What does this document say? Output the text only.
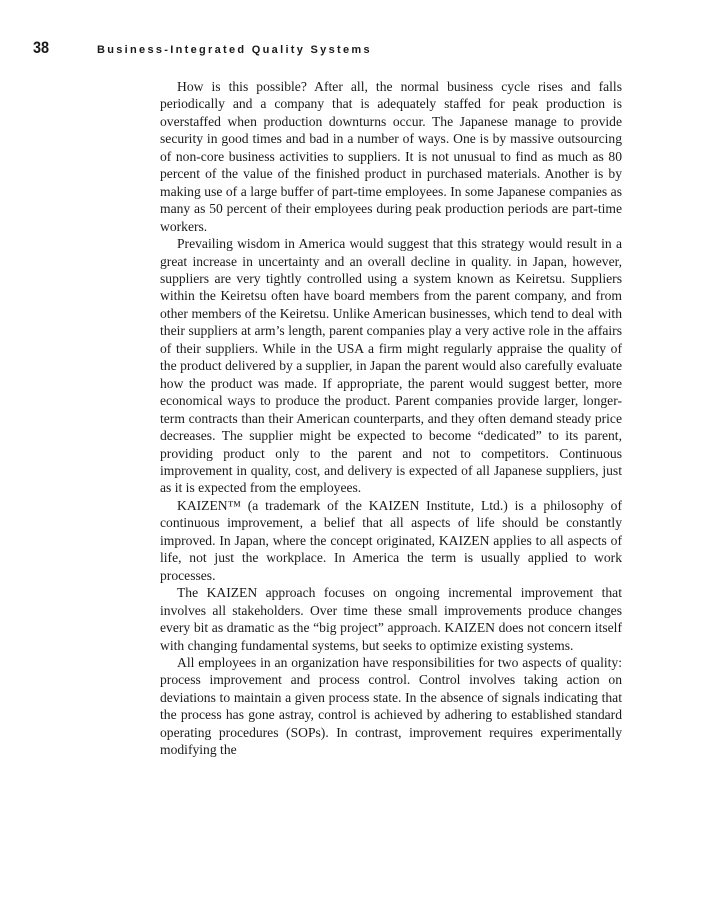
38	Business-Integrated Quality Systems

How is this possible? After all, the normal business cycle rises and falls periodically and a company that is adequately staffed for peak production is overstaffed when production downturns occur. The Japanese manage to provide security in good times and bad in a number of ways. One is by massive outsourcing of non-core business activities to suppliers. It is not unusual to find as much as 80 percent of the value of the finished product in purchased materials. Another is by making use of a large buffer of part-time employees. In some Japanese companies as many as 50 percent of their employees during peak production periods are part-time workers.

Prevailing wisdom in America would suggest that this strategy would result in a great increase in uncertainty and an overall decline in quality. in Japan, however, suppliers are very tightly controlled using a system known as Keiretsu. Suppliers within the Keiretsu often have board members from the parent company, and from other members of the Keiretsu. Unlike American businesses, which tend to deal with their suppliers at arm’s length, parent companies play a very active role in the affairs of their suppliers. While in the USA a firm might regularly appraise the quality of the product delivered by a supplier, in Japan the parent would also carefully evaluate how the product was made. If appropriate, the parent would suggest better, more economical ways to produce the product. Parent companies provide larger, longer-term contracts than their American counterparts, and they often demand steady price decreases. The supplier might be expected to become “dedicated” to its parent, providing product only to the parent and not to competitors. Continuous improvement in quality, cost, and delivery is expected of all Japanese suppliers, just as it is expected from the employees.

KAIZEN™ (a trademark of the KAIZEN Institute, Ltd.) is a philosophy of continuous improvement, a belief that all aspects of life should be constantly improved. In Japan, where the concept originated, KAIZEN applies to all aspects of life, not just the workplace. In America the term is usually applied to work processes.

The KAIZEN approach focuses on ongoing incremental improvement that involves all stakeholders. Over time these small improvements produce changes every bit as dramatic as the “big project” approach. KAIZEN does not concern itself with changing fundamental systems, but seeks to optimize existing systems.

All employees in an organization have responsibilities for two aspects of quality: process improvement and process control. Control involves taking action on deviations to maintain a given process state. In the absence of signals indicating that the process has gone astray, control is achieved by adhering to established standard operating procedures (SOPs). In contrast, improvement requires experimentally modifying the
